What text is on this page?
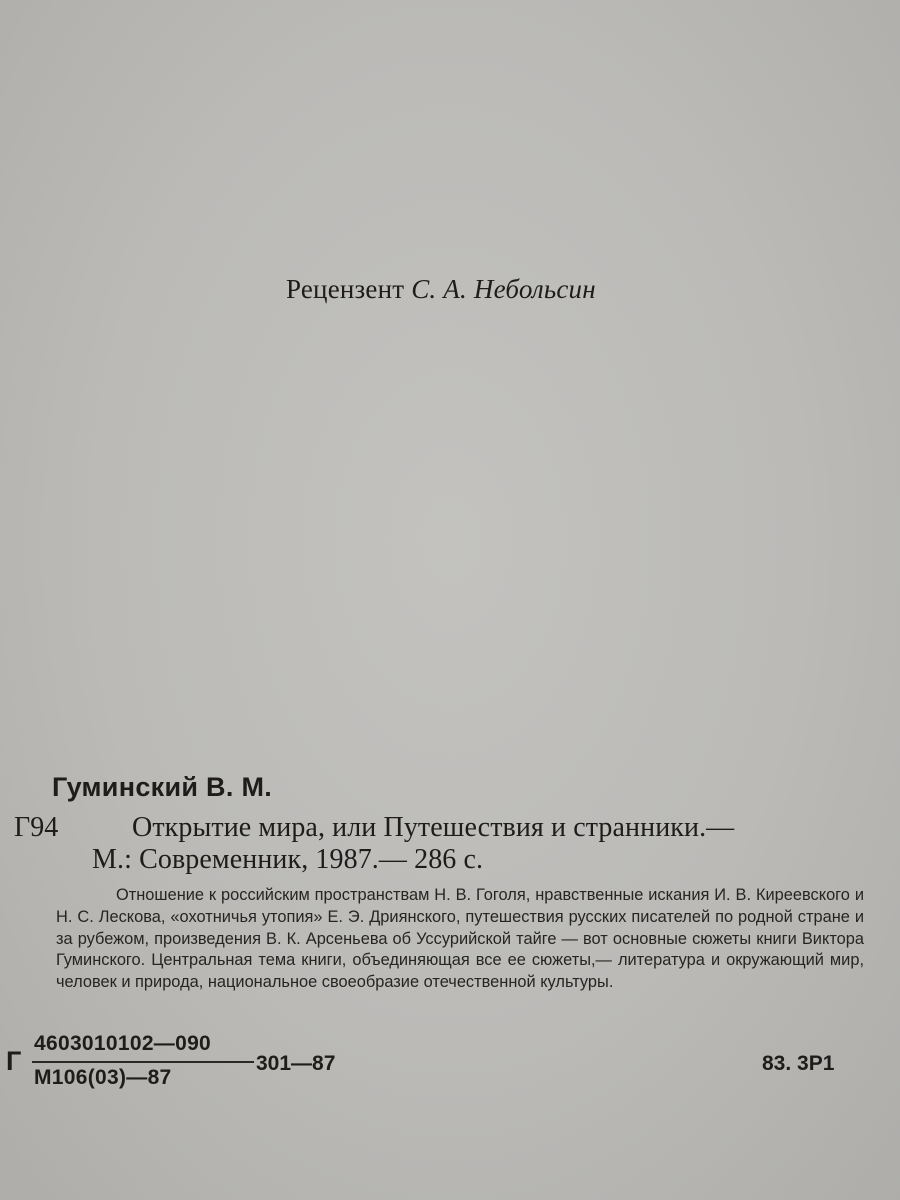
Рецензент С. А. Небольсин
Гуминский В. М.
Г94	Открытие мира, или Путешествия и странники.—
М.: Современник, 1987.— 286 с.
Отношение к российским пространствам Н. В. Гоголя, нравственные искания И. В. Киреевского и Н. С. Лескова, «охотничья утопия» Е. Э. Дриянского, путешествия русских писателей по родной стране и за рубежом, произведения В. К. Арсеньева об Уссурийской тайге — вот основные сюжеты книги Виктора Гуминского. Центральная тема книги, объединяющая все ее сюжеты,— литература и окружающий мир, человек и природа, национальное своеобразие отечественной культуры.
Г
4603010102—090
М106(03)—87
301—87	83. 3Р1
